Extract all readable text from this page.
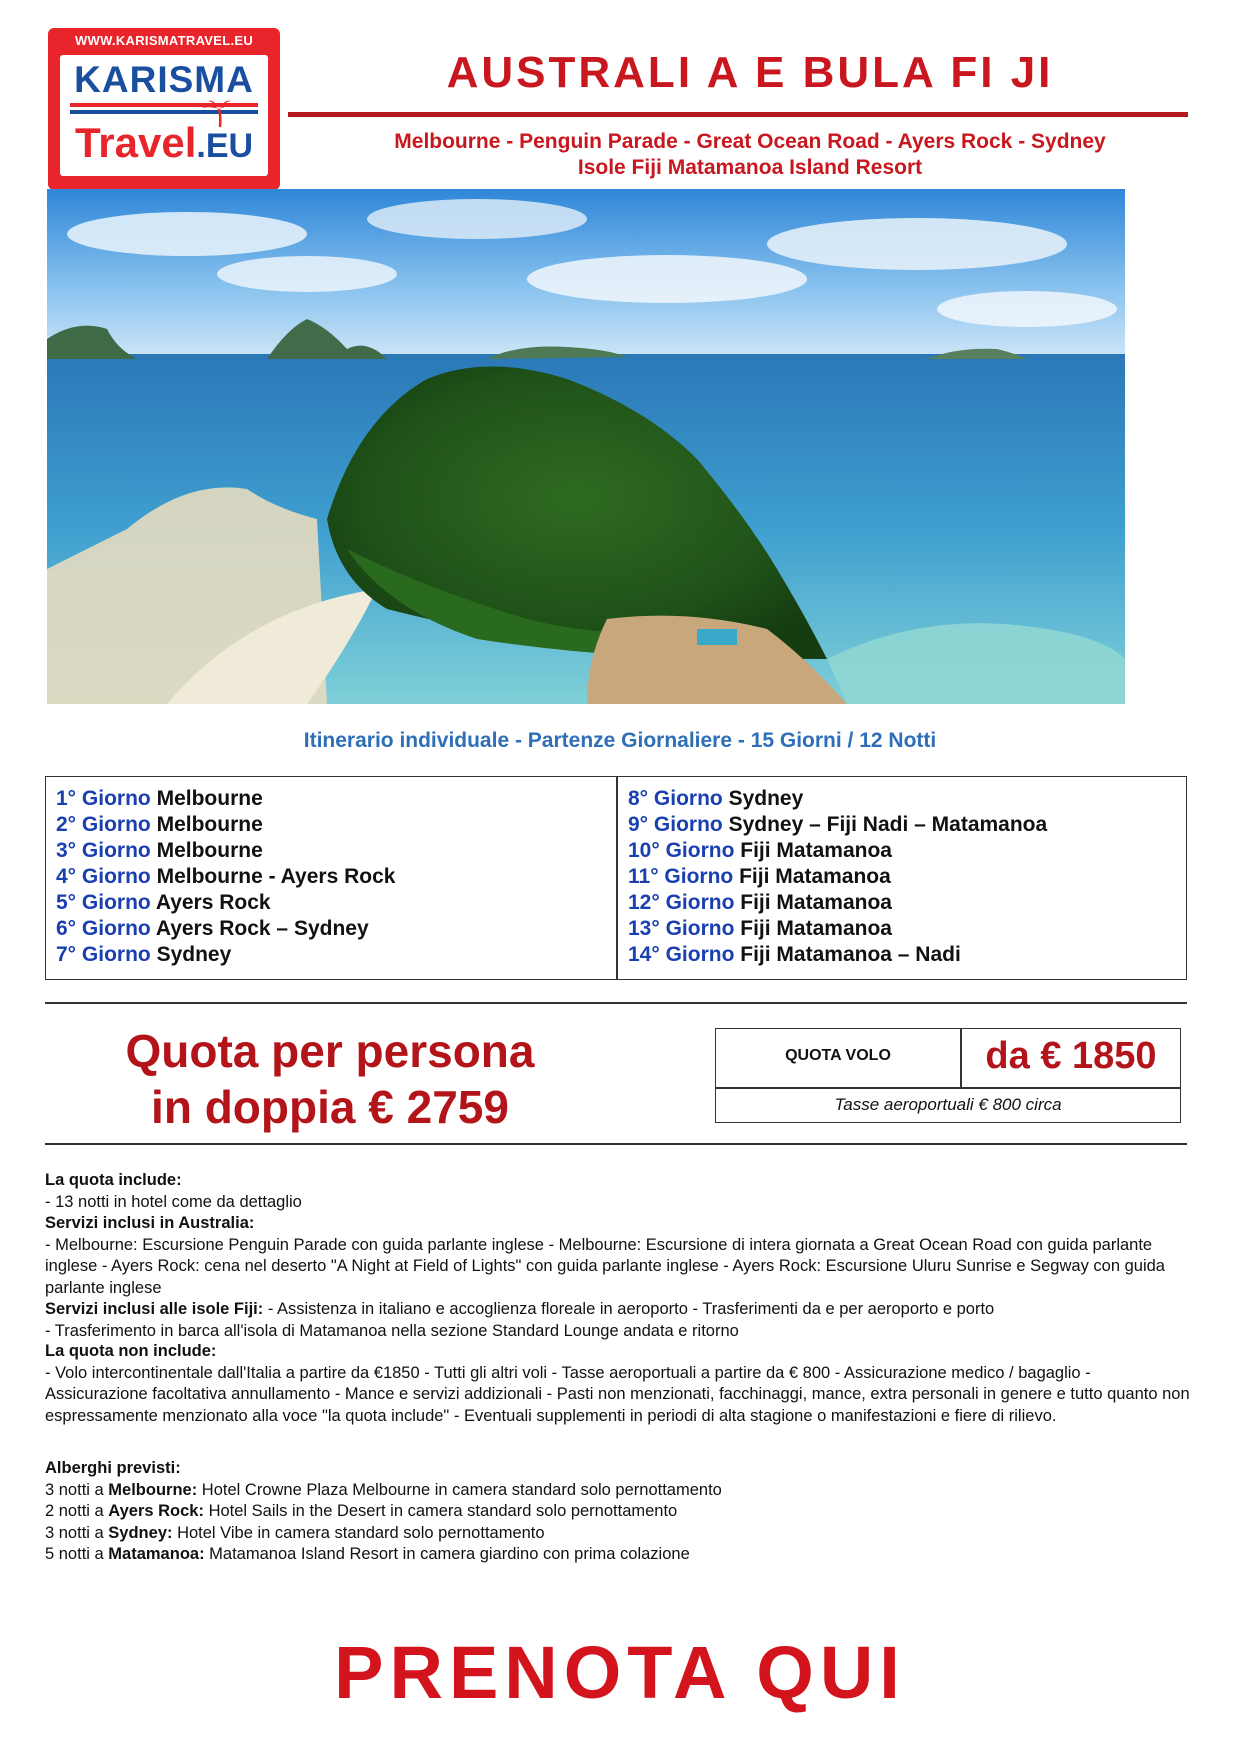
WWW.KARISMATRAVEL.EU
KARISMA
Travel.EU
AUSTRALI A E BULA FI JI
Melbourne - Penguin Parade - Great Ocean Road - Ayers Rock - Sydney
Isole Fiji Matamanoa Island Resort
Itinerario individuale - Partenze Giornaliere - 15 Giorni / 12 Notti
1° Giorno Melbourne
2° Giorno Melbourne
3° Giorno Melbourne
4° Giorno Melbourne - Ayers Rock
5° Giorno Ayers Rock
6° Giorno Ayers Rock – Sydney
7° Giorno Sydney
8° Giorno Sydney
9° Giorno Sydney – Fiji Nadi – Matamanoa
10° Giorno Fiji Matamanoa
11° Giorno Fiji Matamanoa
12° Giorno Fiji Matamanoa
13° Giorno Fiji Matamanoa
14° Giorno Fiji Matamanoa – Nadi
Quota per persona
in doppia € 2759
QUOTA VOLO	da € 1850
Tasse aeroportuali € 800 circa
La quota include:
- 13 notti in hotel come da dettaglio
Servizi inclusi in Australia:
- Melbourne: Escursione Penguin Parade con guida parlante inglese - Melbourne: Escursione di intera giornata a Great Ocean Road con guida parlante inglese - Ayers Rock: cena nel deserto "A Night at Field of Lights" con guida parlante inglese - Ayers Rock: Escursione Uluru Sunrise e Segway con guida parlante inglese
Servizi inclusi alle isole Fiji: - Assistenza in italiano e accoglienza floreale in aeroporto - Trasferimenti da e per aeroporto e porto
- Trasferimento in barca all'isola di Matamanoa nella sezione Standard Lounge andata e ritorno
La quota non include:
- Volo intercontinentale dall'Italia a partire da €1850 - Tutti gli altri voli - Tasse aeroportuali a partire da € 800 - Assicurazione medico / bagaglio - Assicurazione facoltativa annullamento - Mance e servizi addizionali - Pasti non menzionati, facchinaggi, mance, extra personali in genere e tutto quanto non espressamente menzionato alla voce "la quota include" - Eventuali supplementi in periodi di alta stagione o manifestazioni e fiere di rilievo.
Alberghi previsti:
3 notti a Melbourne: Hotel Crowne Plaza Melbourne in camera standard solo pernottamento
2 notti a Ayers Rock: Hotel Sails in the Desert in camera standard solo pernottamento
3 notti a Sydney: Hotel Vibe in camera standard solo pernottamento
5 notti a Matamanoa: Matamanoa Island Resort in camera giardino con prima colazione
PRENOTA QUI
